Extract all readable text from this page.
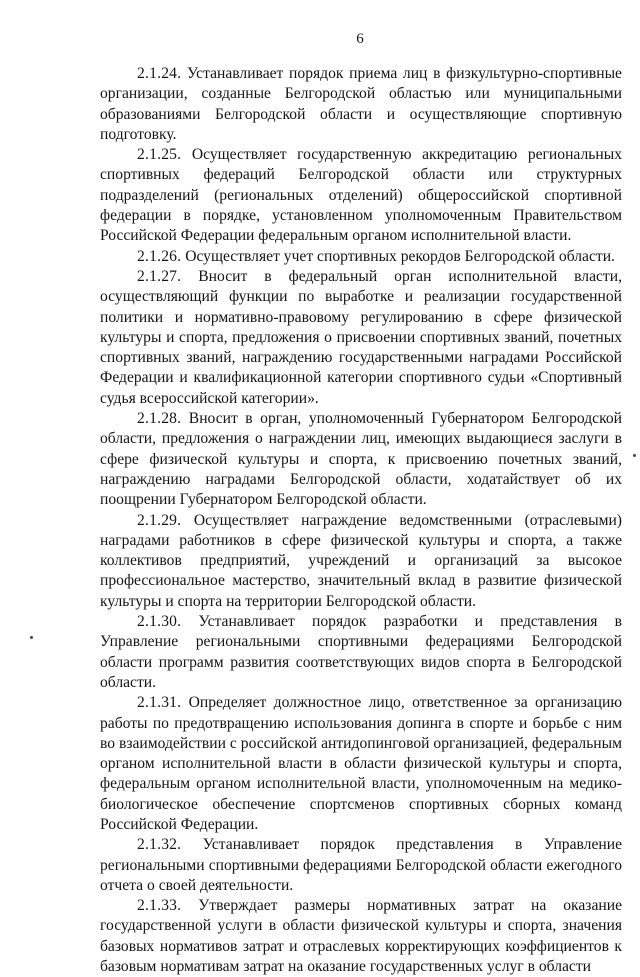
6

2.1.24. Устанавливает порядок приема лиц в физкультурно-спортивные организации, созданные Белгородской областью или муниципальными образованиями Белгородской области и осуществляющие спортивную подготовку.

2.1.25. Осуществляет государственную аккредитацию региональных спортивных федераций Белгородской области или структурных подразделений (региональных отделений) общероссийской спортивной федерации в порядке, установленном уполномоченным Правительством Российской Федерации федеральным органом исполнительной власти.

2.1.26. Осуществляет учет спортивных рекордов Белгородской области.

2.1.27. Вносит в федеральный орган исполнительной власти, осуществляющий функции по выработке и реализации государственной политики и нормативно-правовому регулированию в сфере физической культуры и спорта, предложения о присвоении спортивных званий, почетных спортивных званий, награждению государственными наградами Российской Федерации и квалификационной категории спортивного судьи «Спортивный судья всероссийской категории».

2.1.28. Вносит в орган, уполномоченный Губернатором Белгородской области, предложения о награждении лиц, имеющих выдающиеся заслуги в сфере физической культуры и спорта, к присвоению почетных званий, награждению наградами Белгородской области, ходатайствует об их поощрении Губернатором Белгородской области.

2.1.29. Осуществляет награждение ведомственными (отраслевыми) наградами работников в сфере физической культуры и спорта, а также коллективов предприятий, учреждений и организаций за высокое профессиональное мастерство, значительный вклад в развитие физической культуры и спорта на территории Белгородской области.

2.1.30. Устанавливает порядок разработки и представления в Управление региональными спортивными федерациями Белгородской области программ развития соответствующих видов спорта в Белгородской области.

2.1.31. Определяет должностное лицо, ответственное за организацию работы по предотвращению использования допинга в спорте и борьбе с ним во взаимодействии с российской антидопинговой организацией, федеральным органом исполнительной власти в области физической культуры и спорта, федеральным органом исполнительной власти, уполномоченным на медико-биологическое обеспечение спортсменов спортивных сборных команд Российской Федерации.

2.1.32. Устанавливает порядок представления в Управление региональными спортивными федерациями Белгородской области ежегодного отчета о своей деятельности.

2.1.33. Утверждает размеры нормативных затрат на оказание государственной услуги в области физической культуры и спорта, значения базовых нормативов затрат и отраслевых корректирующих коэффициентов к базовым нормативам затрат на оказание государственных услуг в области
